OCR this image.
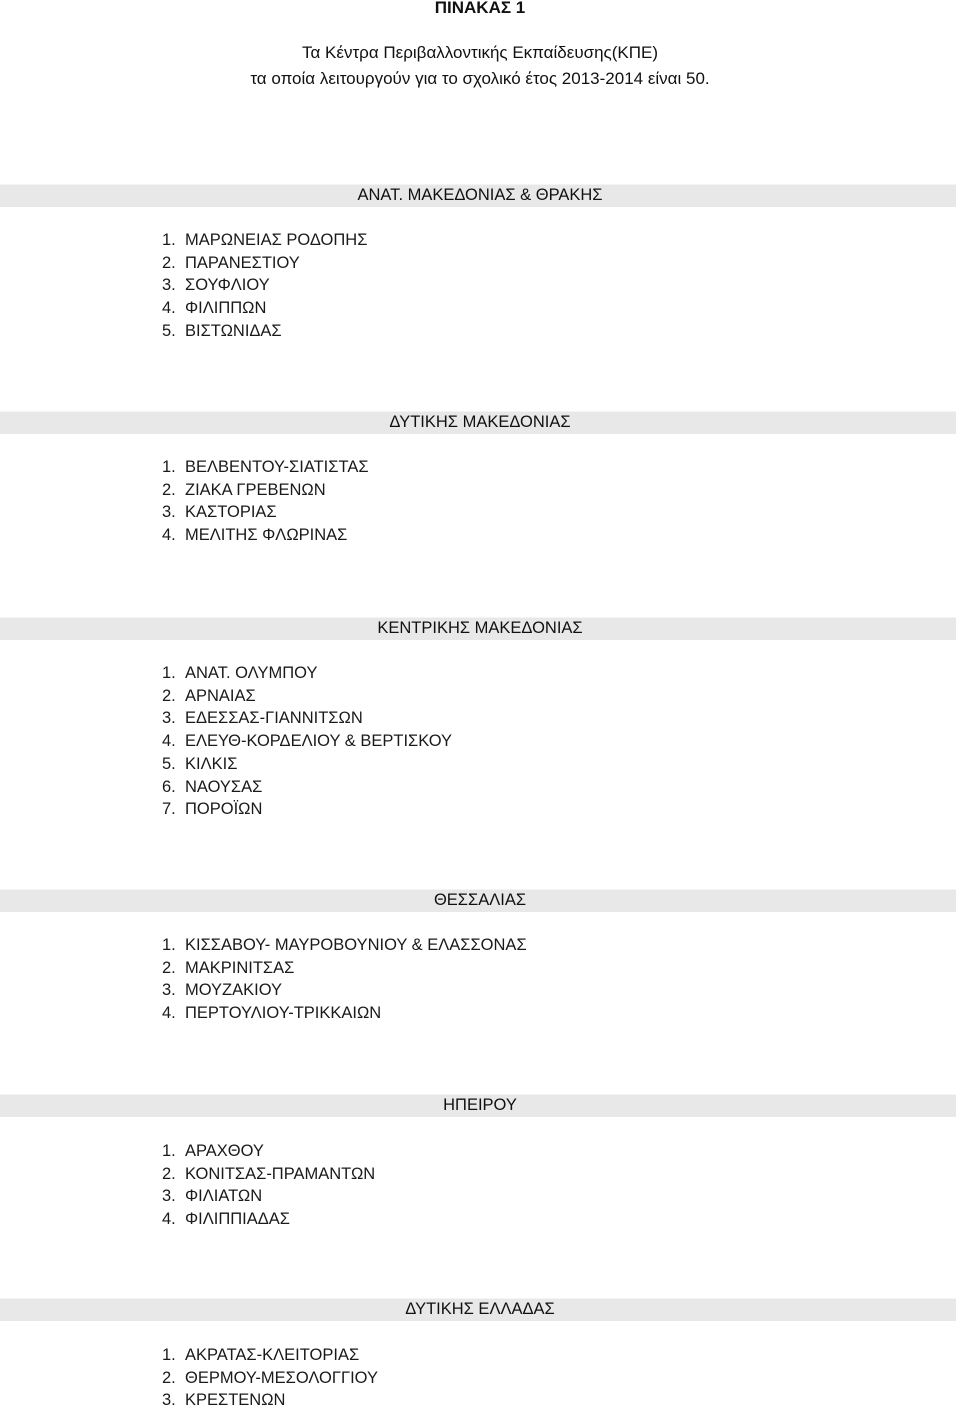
ΠΙΝΑΚΑΣ 1

Τα Κέντρα Περιβαλλοντικής Εκπαίδευσης(ΚΠΕ)

τα οποία λειτουργούν για το σχολικό έτος 2013-2014 είναι 50.

ΑΝΑΤ. ΜΑΚΕΔΟΝΙΑΣ & ΘΡΑΚΗΣ
1. ΜΑΡΩΝΕΙΑΣ ΡΟΔΟΠΗΣ
2. ΠΑΡΑΝΕΣΤΙΟΥ
3. ΣΟΥΦΛΙΟΥ
4. ΦΙΛΙΠΠΩΝ
5. ΒΙΣΤΩΝΙΔΑΣ
ΔΥΤΙΚΗΣ ΜΑΚΕΔΟΝΙΑΣ
1. ΒΕΛΒΕΝΤΟΥ-ΣΙΑΤΙΣΤΑΣ
2. ΖΙΑΚΑ ΓΡΕΒΕΝΩΝ
3. ΚΑΣΤΟΡΙΑΣ
4. ΜΕΛΙΤΗΣ ΦΛΩΡΙΝΑΣ
ΚΕΝΤΡΙΚΗΣ ΜΑΚΕΔΟΝΙΑΣ
1. ΑΝΑΤ. ΟΛΥΜΠΟΥ
2. ΑΡΝΑΙΑΣ
3. ΕΔΕΣΣΑΣ-ΓΙΑΝΝΙΤΣΩΝ
4. ΕΛΕΥΘ-ΚΟΡΔΕΛΙΟΥ & ΒΕΡΤΙΣΚΟΥ
5. ΚΙΛΚΙΣ
6. ΝΑΟΥΣΑΣ
7. ΠΟΡΟΪΩΝ
ΘΕΣΣΑΛΙΑΣ
1. ΚΙΣΣΑΒΟΥ- ΜΑΥΡΟΒΟΥΝΙΟΥ & ΕΛΑΣΣΟΝΑΣ
2. ΜΑΚΡΙΝΙΤΣΑΣ
3. ΜΟΥΖΑΚΙΟΥ
4. ΠΕΡΤΟΥΛΙΟΥ-ΤΡΙΚΚΑΙΩΝ
ΗΠΕΙΡΟΥ
1. ΑΡΑΧΘΟΥ
2. ΚΟΝΙΤΣΑΣ-ΠΡΑΜΑΝΤΩΝ
3. ΦΙΛΙΑΤΩΝ
4. ΦΙΛΙΠΠΙΑΔΑΣ
ΔΥΤΙΚΗΣ ΕΛΛΑΔΑΣ
1. ΑΚΡΑΤΑΣ-ΚΛΕΙΤΟΡΙΑΣ
2. ΘΕΡΜΟΥ-ΜΕΣΟΛΟΓΓΙΟΥ
3. ΚΡΕΣΤΕΝΩΝ
